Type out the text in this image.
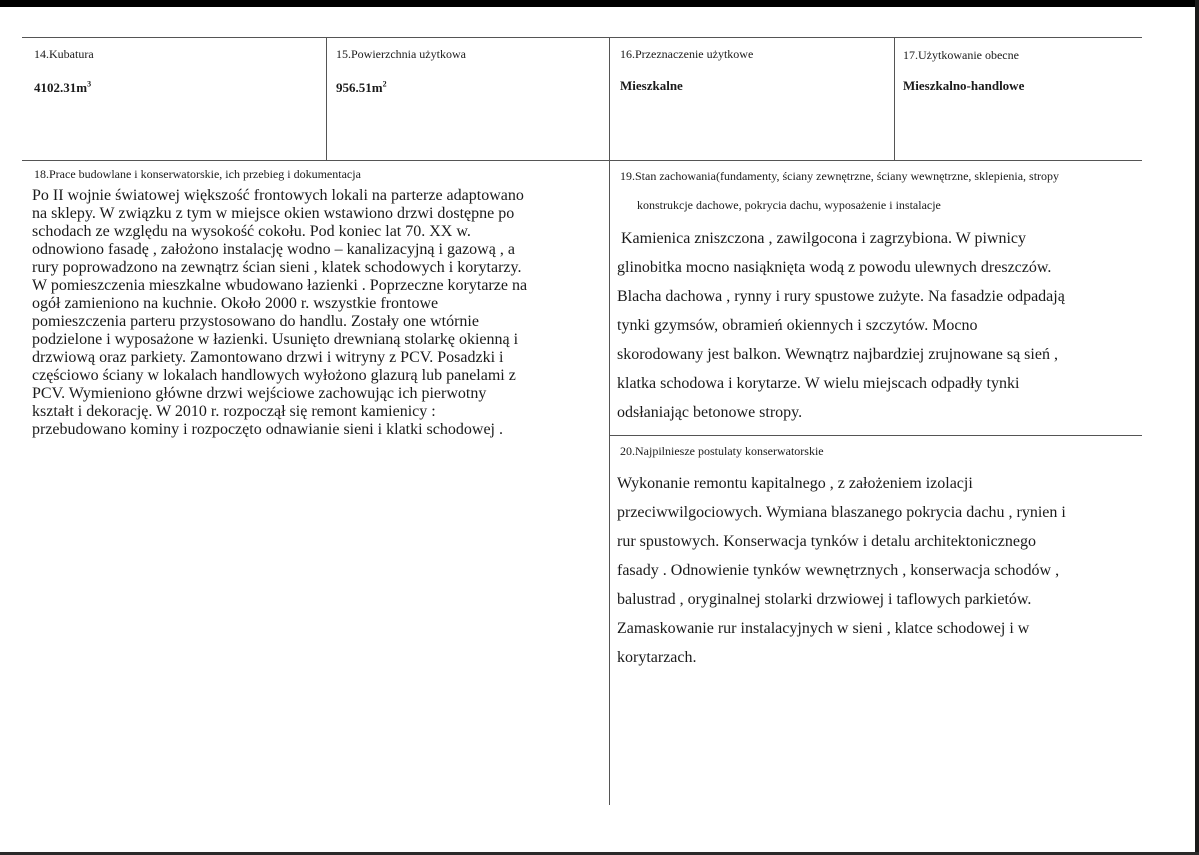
14.Kubatura
$4102.31m^3$
15.Powierzchnia użytkowa
$956.51m^2$
16.Przeznaczenie użytkowe
Mieszkalne
17.Użytkowanie obecne
Mieszkalno-handlowe
18.Prace budowlane i konserwatorskie, ich przebieg i dokumentacja
Po II wojnie światowej większość frontowych lokali na parterze adaptowano
na sklepy. W związku z tym w miejsce okien wstawiono drzwi dostępne po
schodach ze względu na wysokość cokołu. Pod koniec lat 70. XX w.
odnowiono fasadę , założono instalację wodno – kanalizacyjną i gazową , a
rury poprowadzono na zewnątrz ścian sieni , klatek schodowych i korytarzy.
W pomieszczenia mieszkalne wbudowano łazienki . Poprzeczne korytarze na
ogół zamieniono na kuchnie. Około 2000 r. wszystkie frontowe
pomieszczenia parteru przystosowano do handlu. Zostały one wtórnie
podzielone i wyposażone w łazienki. Usunięto drewnianą stolarkę okienną i
drzwiową oraz parkiety. Zamontowano drzwi i witryny z PCV. Posadzki i
częściowo ściany w lokalach handlowych wyłożono glazurą lub panelami z
PCV. Wymieniono główne drzwi wejściowe zachowując ich pierwotny
kształt i dekorację. W 2010 r. rozpoczął się remont kamienicy :
przebudowano kominy i rozpoczęto odnawianie sieni i klatki schodowej .
19.Stan zachowania(fundamenty, ściany zewnętrzne, ściany wewnętrzne, sklepienia, stropy
konstrukcje dachowe, pokrycia dachu, wyposażenie i instalacje
Kamienica zniszczona , zawilgocona i zagrzybiona. W piwnicy
glinobitka mocno nasiąknięta wodą z powodu ulewnych dreszczów.
Blacha dachowa , rynny i rury spustowe zużyte. Na fasadzie odpadają
tynki gzymsów, obramień okiennych i szczytów. Mocno
skorodowany jest balkon. Wewnątrz najbardziej zrujnowane są sień ,
klatka schodowa i korytarze. W wielu miejscach odpadły tynki
odsłaniając betonowe stropy.
20.Najpilniesze postulaty konserwatorskie
Wykonanie remontu kapitalnego , z założeniem izolacji
przeciwwilgociowych. Wymiana blaszanego pokrycia dachu , rynien i
rur spustowych. Konserwacja tynków i detalu architektonicznego
fasady . Odnowienie tynków wewnętrznych , konserwacja schodów ,
balustrad , oryginalnej stolarki drzwiowej i taflowych parkietów.
Zamaskowanie rur instalacyjnych w sieni , klatce schodowej i w
korytarzach.
